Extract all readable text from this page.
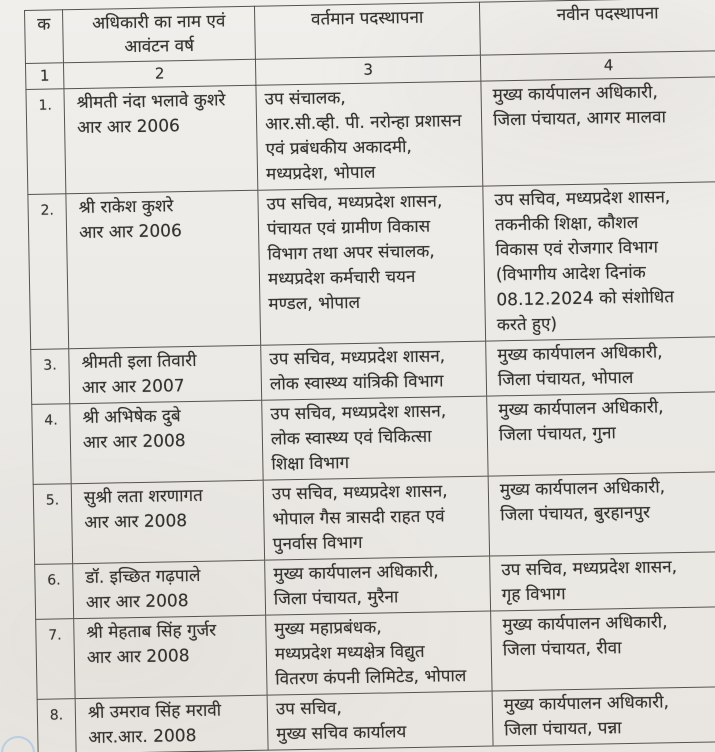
क	अधिकारी का नाम एवं
आवंटन वर्ष	वर्तमान पदस्थापना	नवीन पदस्थापना
1	2	3	4
1.	श्रीमती नंदा भलावे कुशरे
आर आर 2006	उप संचालक,
आर.सी.व्ही. पी. नरोन्हा प्रशासन
एवं प्रबंधकीय अकादमी,
मध्यप्रदेश, भोपाल	मुख्य कार्यपालन अधिकारी,
जिला पंचायत, आगर मालवा
2.	श्री राकेश कुशरे
आर आर 2006	उप सचिव, मध्यप्रदेश शासन,
पंचायत एवं ग्रामीण विकास
विभाग तथा अपर संचालक,
मध्यप्रदेश कर्मचारी चयन
मण्डल, भोपाल	उप सचिव, मध्यप्रदेश शासन,
तकनीकी शिक्षा, कौशल
विकास एवं रोजगार विभाग
(विभागीय आदेश दिनांक
08.12.2024 को संशोधित
करते हुए)
3.	श्रीमती इला तिवारी
आर आर 2007	उप सचिव, मध्यप्रदेश शासन,
लोक स्वास्थ्य यांत्रिकी विभाग	मुख्य कार्यपालन अधिकारी,
जिला पंचायत, भोपाल
4.	श्री अभिषेक दुबे
आर आर 2008	उप सचिव, मध्यप्रदेश शासन,
लोक स्वास्थ्य एवं चिकित्सा
शिक्षा विभाग	मुख्य कार्यपालन अधिकारी,
जिला पंचायत, गुना
5.	सुश्री लता शरणागत
आर आर 2008	उप सचिव, मध्यप्रदेश शासन,
भोपाल गैस त्रासदी राहत एवं
पुनर्वास विभाग	मुख्य कार्यपालन अधिकारी,
जिला पंचायत, बुरहानपुर
6.	डॉ. इच्छित गढ़पाले
आर आर 2008	मुख्य कार्यपालन अधिकारी,
जिला पंचायत, मुरैना	उप सचिव, मध्यप्रदेश शासन,
गृह विभाग
7.	श्री मेहताब सिंह गुर्जर
आर आर 2008	मुख्य महाप्रबंधक,
मध्यप्रदेश मध्यक्षेत्र विद्युत
वितरण कंपनी लिमिटेड, भोपाल	मुख्य कार्यपालन अधिकारी,
जिला पंचायत, रीवा
8.	श्री उमराव सिंह मरावी
आर.आर. 2008	उप सचिव,
मुख्य सचिव कार्यालय	मुख्य कार्यपालन अधिकारी,
जिला पंचायत, पन्ना
